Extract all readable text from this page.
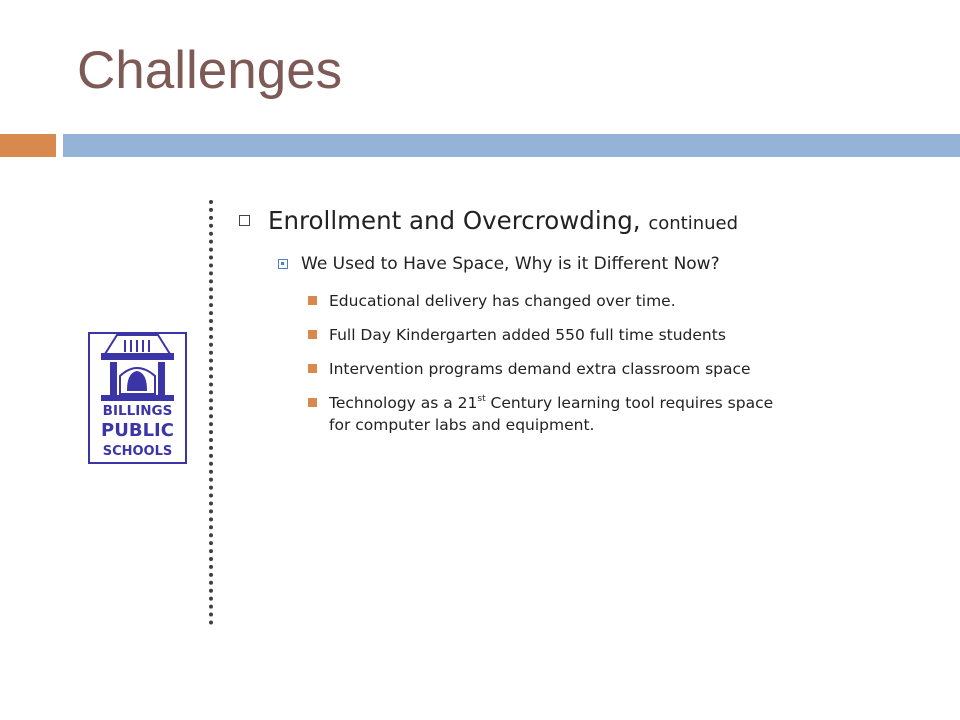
Challenges
BILLINGS
PUBLIC
SCHOOLS
Enrollment and Overcrowding, continued
We Used to Have Space, Why is it Different Now?
Educational delivery has changed over time.
Full Day Kindergarten added 550 full time students
Intervention programs demand extra classroom space
Technology as a 21st Century learning tool requires space
for computer labs and equipment.
